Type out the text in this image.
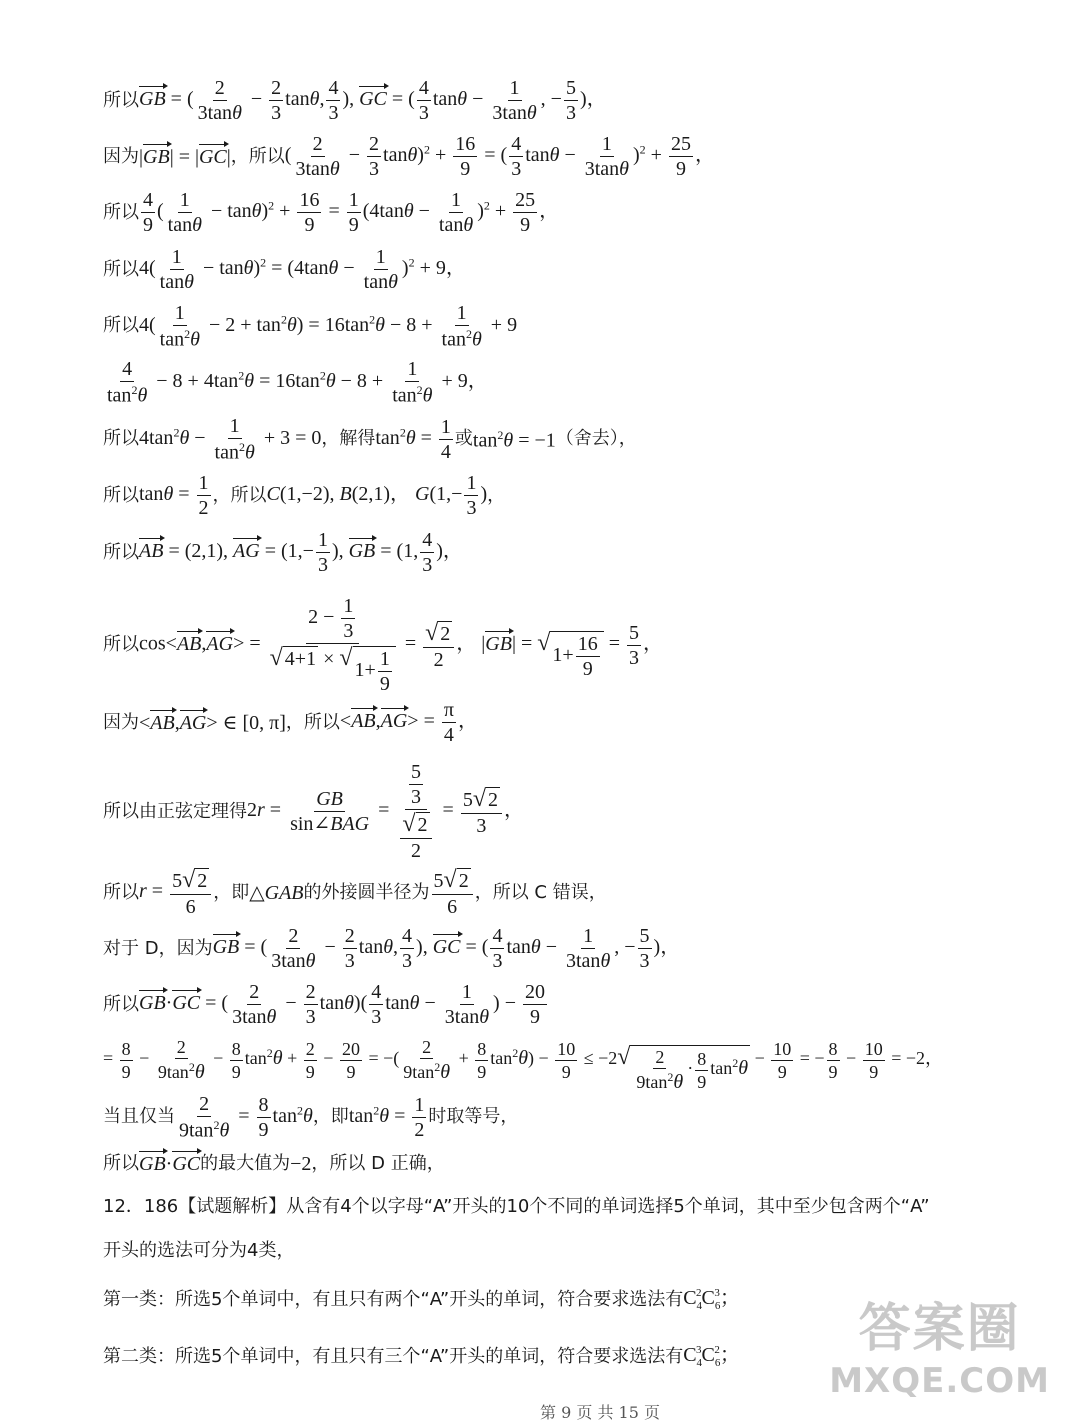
所以 GB = ( $\frac{2}{3\tan\theta} - \frac{2}{3} \tan\theta$, $\frac{4}{3}$ ), GC = ( $\frac{4}{3}$ $\tan\theta - \frac{1}{3\tan\theta}$ , − $\frac{5}{3}$ )，
因为 |GB| = |GC| ，所以 ( $\frac{2}{3\tan\theta} - \frac{2}{3} \tan\theta)^2 + \frac{16}{9}$ = ( $\frac{4}{3}$ $\tan\theta - \frac{1}{3\tan\theta} )^2 + \frac{25}{9}$ ，
所以 $\frac{4}{9}$ ( $\frac{1}{\tan\theta} - \tan\theta)^2 + \frac{16}{9} = \frac{1}{9} (4\tan\theta - \frac{1}{\tan\theta} )^2 + \frac{25}{9}$ ，
所以 $4( \frac{1}{\tan\theta} - \tan\theta)^2 = (4\tan\theta - \frac{1}{\tan\theta} )^2 + 9$，
所以 $4( \frac{1}{\tan^2\theta} - 2 + \tan^2\theta) = 16\tan^2\theta - 8 + \frac{1}{\tan^2\theta} + 9$
$\frac{4}{\tan^2\theta} - 8 + 4\tan^2\theta = 16\tan^2\theta - 8 + \frac{1}{\tan^2\theta} + 9$，
所以 $4\tan^2\theta - \frac{1}{\tan^2\theta} + 3 = 0$ ，解得 $\tan^2\theta = \frac{1}{4}$ 或 $\tan^2\theta = -1$ （舍去），
所以 $\tan\theta = \frac{1}{2}$ ，所以 C(1,−2), B(2,1)， $G(1,- \frac{1}{3}$ ) ，
所以 AB = (2,1), AG = ($1,- \frac{1}{3}$ ), GB = (1, $\frac{4}{3}$ )，
所以 $\cos<AB,AG> = \frac{2 - \frac{1}{3}}{√ 4+1 \times √ 1+ \frac{1}{9}} = \frac{√ 2}{2}$ ， |GB| = √ $1+ \frac{16}{9} = \frac{5}{3}$ ，
因为 <AB,AG> ∈ [0, π] ，所以 $<AB,AG> = \frac{\pi}{4}$ ，
所以由正弦定理得 2r =
GB
sin∠BAG
= $\frac{\frac{5}{3}}{\frac{√ 2}{2}} = \frac{5 √ 2}{3}$ ，
所以 $r = \frac{5 √ 2}{6}$ ，即 △GAB 的外接圆半径为 $\frac{5 √ 2}{6}$ ，所以 C 错误，
对于 D，因为 GB = ( $\frac{2}{3\tan\theta} - \frac{2}{3} \tan\theta$, $\frac{4}{3}$ ), GC = ( $\frac{4}{3}$ $\tan\theta - \frac{1}{3\tan\theta}$ , − $\frac{5}{3}$ )，
所以 GB·GC = ( $\frac{2}{3\tan\theta} - \frac{2}{3} \tan\theta)( \frac{4}{3}$ $\tan\theta - \frac{1}{3\tan\theta}$ ) − $\frac{20}{9}$
= $\frac{8}{9} - \frac{2}{9\tan^2\theta} - \frac{8}{9} \tan^2\theta + \frac{2}{9} - \frac{20}{9}$ = −( $\frac{2}{9\tan^2\theta} + \frac{8}{9} \tan^2\theta) - \frac{10}{9} \le -2$ √ $\frac{2}{9\tan^2\theta} \cdot \frac{8}{9} \tan^2\theta - \frac{10}{9}$ = − $\frac{8}{9} - \frac{10}{9} = -2$，
当且仅当 $\frac{2}{9\tan^2\theta} = \frac{8}{9} \tan^2\theta$ ，即 $\tan^2\theta = \frac{1}{2}$ 时取等号，
所以 GB·GC 的最大值为 −2 ，所以 D 正确，
12．186【试题解析】从含有4个以字母“A”开头的10个不同的单词选择5个单词，其中至少包含两个“A”
开头的选法可分为4类，
第一类：所选5个单词中，有且只有两个“A”开头的单词，符合要求选法有 $C_4^2C_6^3$；
第二类：所选5个单词中，有且只有三个“A”开头的单词，符合要求选法有 $C_4^3C_6^2$；	答案圈
MXQE.COM
第 9 页 共 15 页
